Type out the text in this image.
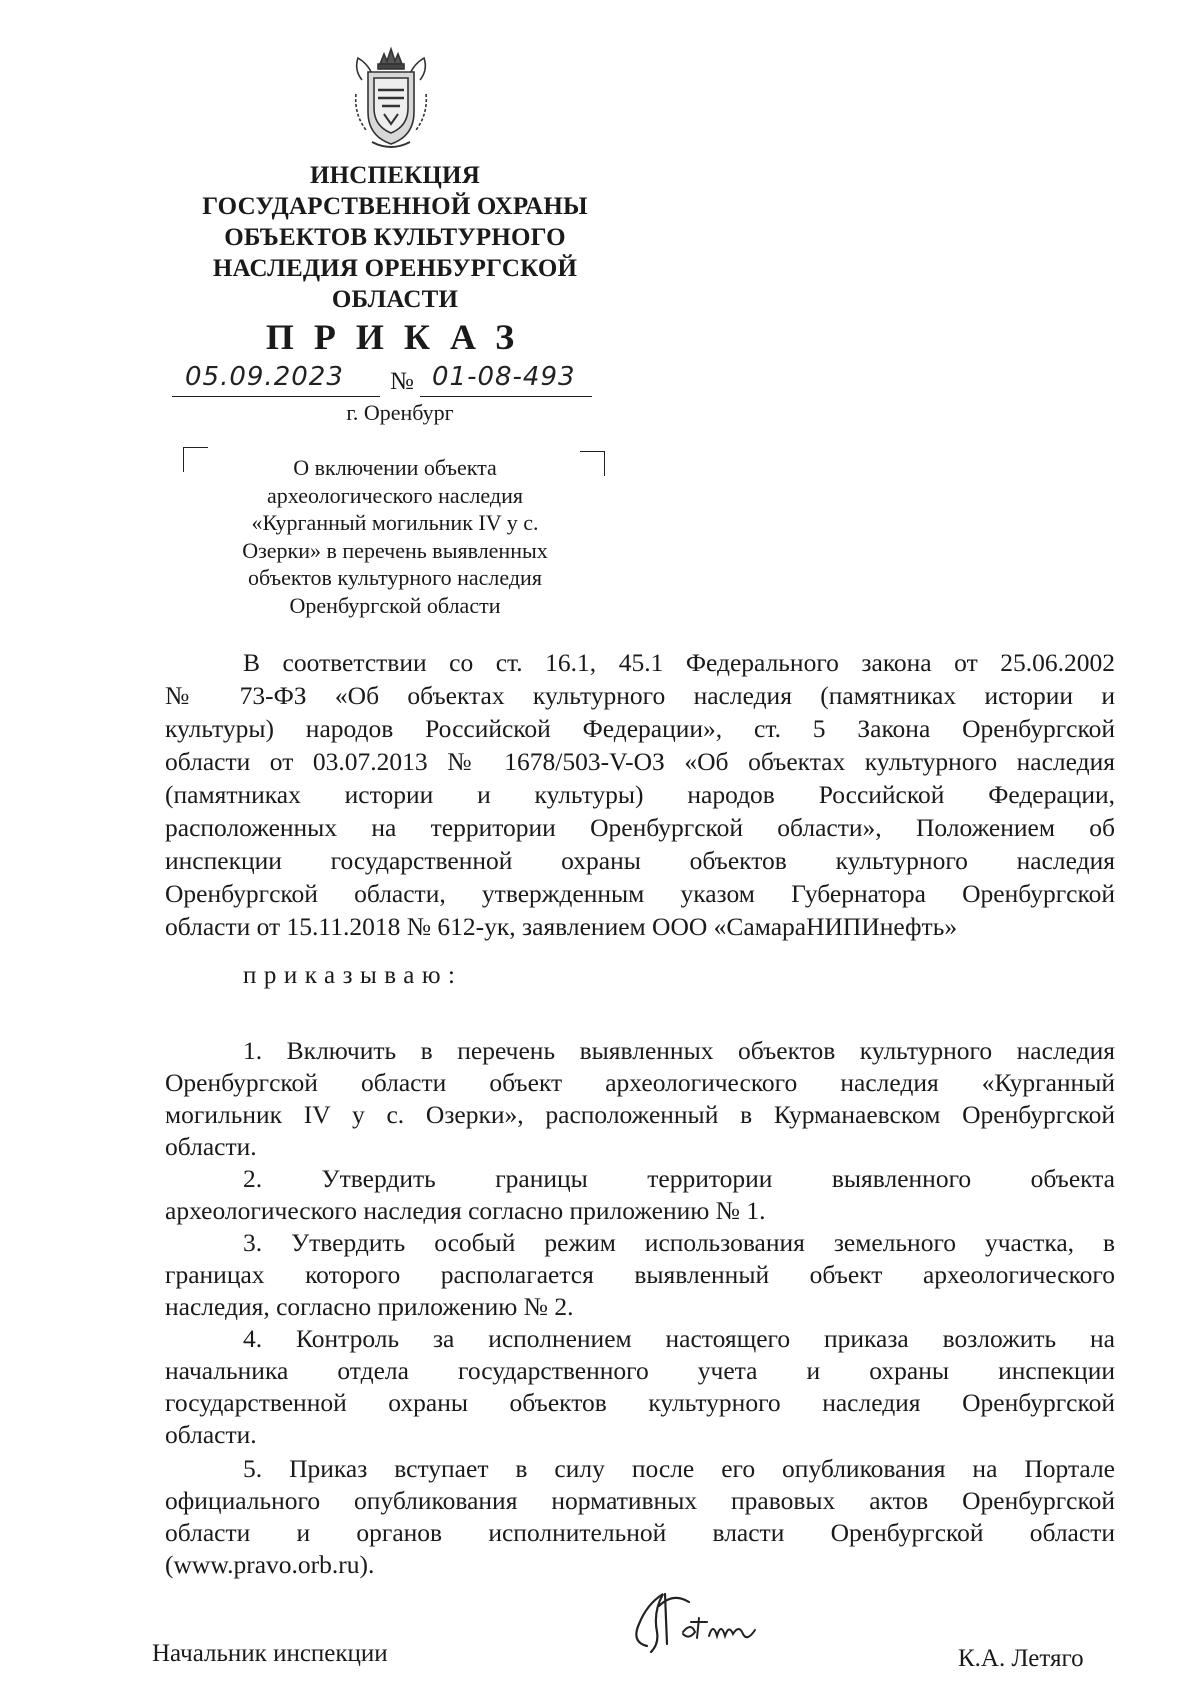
ИНСПЕКЦИЯ
ГОСУДАРСТВЕННОЙ ОХРАНЫ
ОБЪЕКТОВ КУЛЬТУРНОГО
НАСЛЕДИЯ ОРЕНБУРГСКОЙ
ОБЛАСТИ
ПРИКАЗ
05.09.2023 № 01-08-493
г. Оренбург
О включении объекта
археологического наследия
«Курганный могильник IV у с.
Озерки» в перечень выявленных
объектов культурного наследия
Оренбургской области
В соответствии со ст. 16.1, 45.1 Федерального закона от 25.06.2002
№ 73-ФЗ «Об объектах культурного наследия (памятниках истории и
культуры) народов Российской Федерации», ст. 5 Закона Оренбургской
области от 03.07.2013 № 1678/503-V-ОЗ «Об объектах культурного наследия
(памятниках истории и культуры) народов Российской Федерации,
расположенных на территории Оренбургской области», Положением об
инспекции государственной охраны объектов культурного наследия
Оренбургской области, утвержденным указом Губернатора Оренбургской
области от 15.11.2018 № 612-ук, заявлением ООО «СамараНИПИнефть»
приказываю:
1. Включить в перечень выявленных объектов культурного наследия
Оренбургской области объект археологического наследия «Курганный
могильник IV у с. Озерки», расположенный в Курманаевском Оренбургской
области.
2. Утвердить границы территории выявленного объекта
археологического наследия согласно приложению № 1.
3. Утвердить особый режим использования земельного участка, в
границах которого располагается выявленный объект археологического
наследия, согласно приложению № 2.
4. Контроль за исполнением настоящего приказа возложить на
начальника отдела государственного учета и охраны инспекции
государственной охраны объектов культурного наследия Оренбургской
области.
5. Приказ вступает в силу после его опубликования на Портале
официального опубликования нормативных правовых актов Оренбургской
области и органов исполнительной власти Оренбургской области
(www.pravo.orb.ru).
Начальник инспекции	К.А. Летяго
